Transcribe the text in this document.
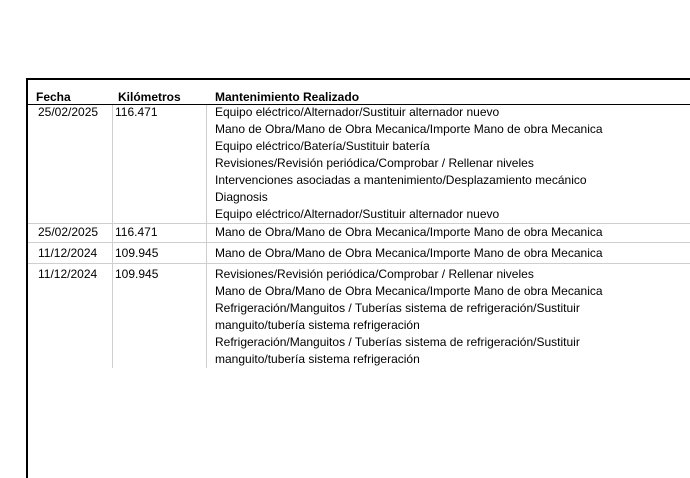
Fecha	Kilómetros	Mantenimiento Realizado
25/02/2025 116.471	Equipo eléctrico/Alternador/Sustituir alternador nuevo
Mano de Obra/Mano de Obra Mecanica/Importe Mano de obra Mecanica
Equipo eléctrico/Batería/Sustituir batería
Revisiones/Revisión periódica/Comprobar / Rellenar niveles
Intervenciones asociadas a mantenimiento/Desplazamiento mecánico
Diagnosis
Equipo eléctrico/Alternador/Sustituir alternador nuevo
25/02/2025 116.471	Mano de Obra/Mano de Obra Mecanica/Importe Mano de obra Mecanica
11/12/2024 109.945	Mano de Obra/Mano de Obra Mecanica/Importe Mano de obra Mecanica
11/12/2024 109.945	Revisiones/Revisión periódica/Comprobar / Rellenar niveles
Mano de Obra/Mano de Obra Mecanica/Importe Mano de obra Mecanica
Refrigeración/Manguitos / Tuberías sistema de refrigeración/Sustituir
manguito/tubería sistema refrigeración
Refrigeración/Manguitos / Tuberías sistema de refrigeración/Sustituir
manguito/tubería sistema refrigeración
